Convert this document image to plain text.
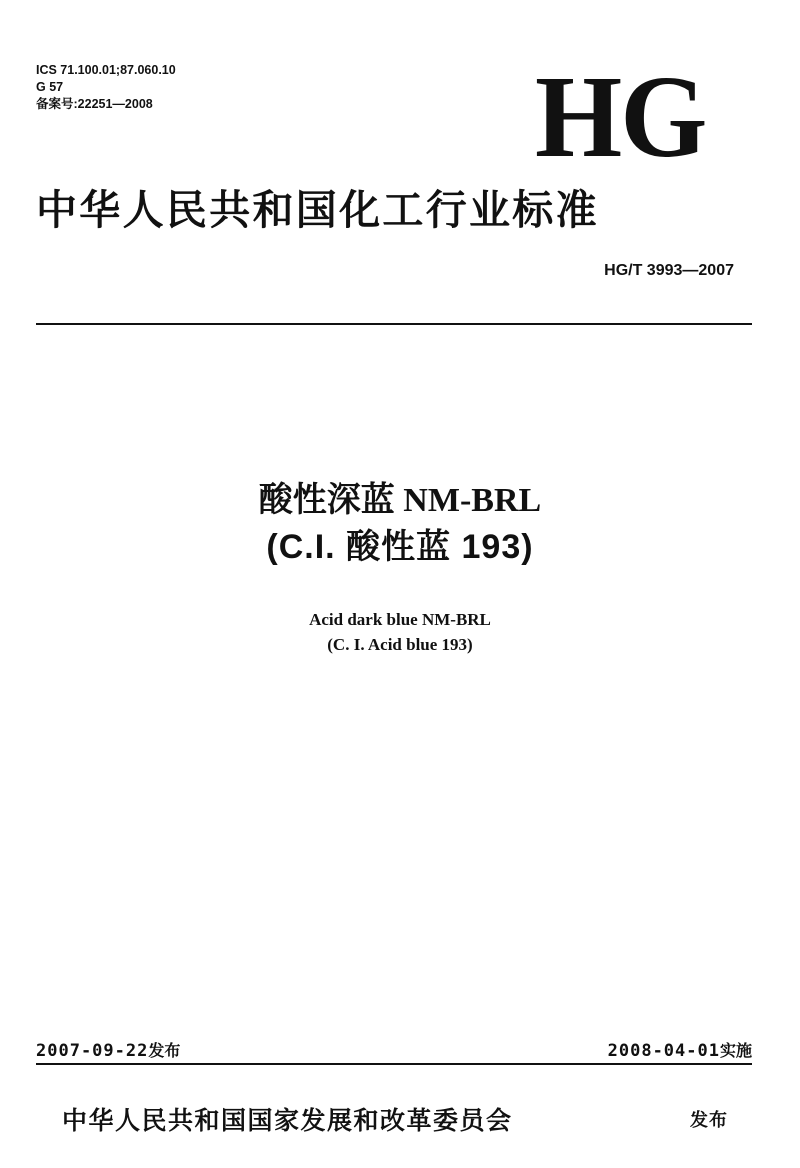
ICS 71.100.01;87.060.10
G 57
备案号:22251—2008	HG
中华人民共和国化工行业标准
HG/T 3993—2007
酸性深蓝 NM-BRL
(C.I. 酸性蓝 193)
Acid dark blue NM-BRL
(C. I. Acid blue 193)
2007-09-22发布	2008-04-01实施
中华人民共和国国家发展和改革委员会	发布
